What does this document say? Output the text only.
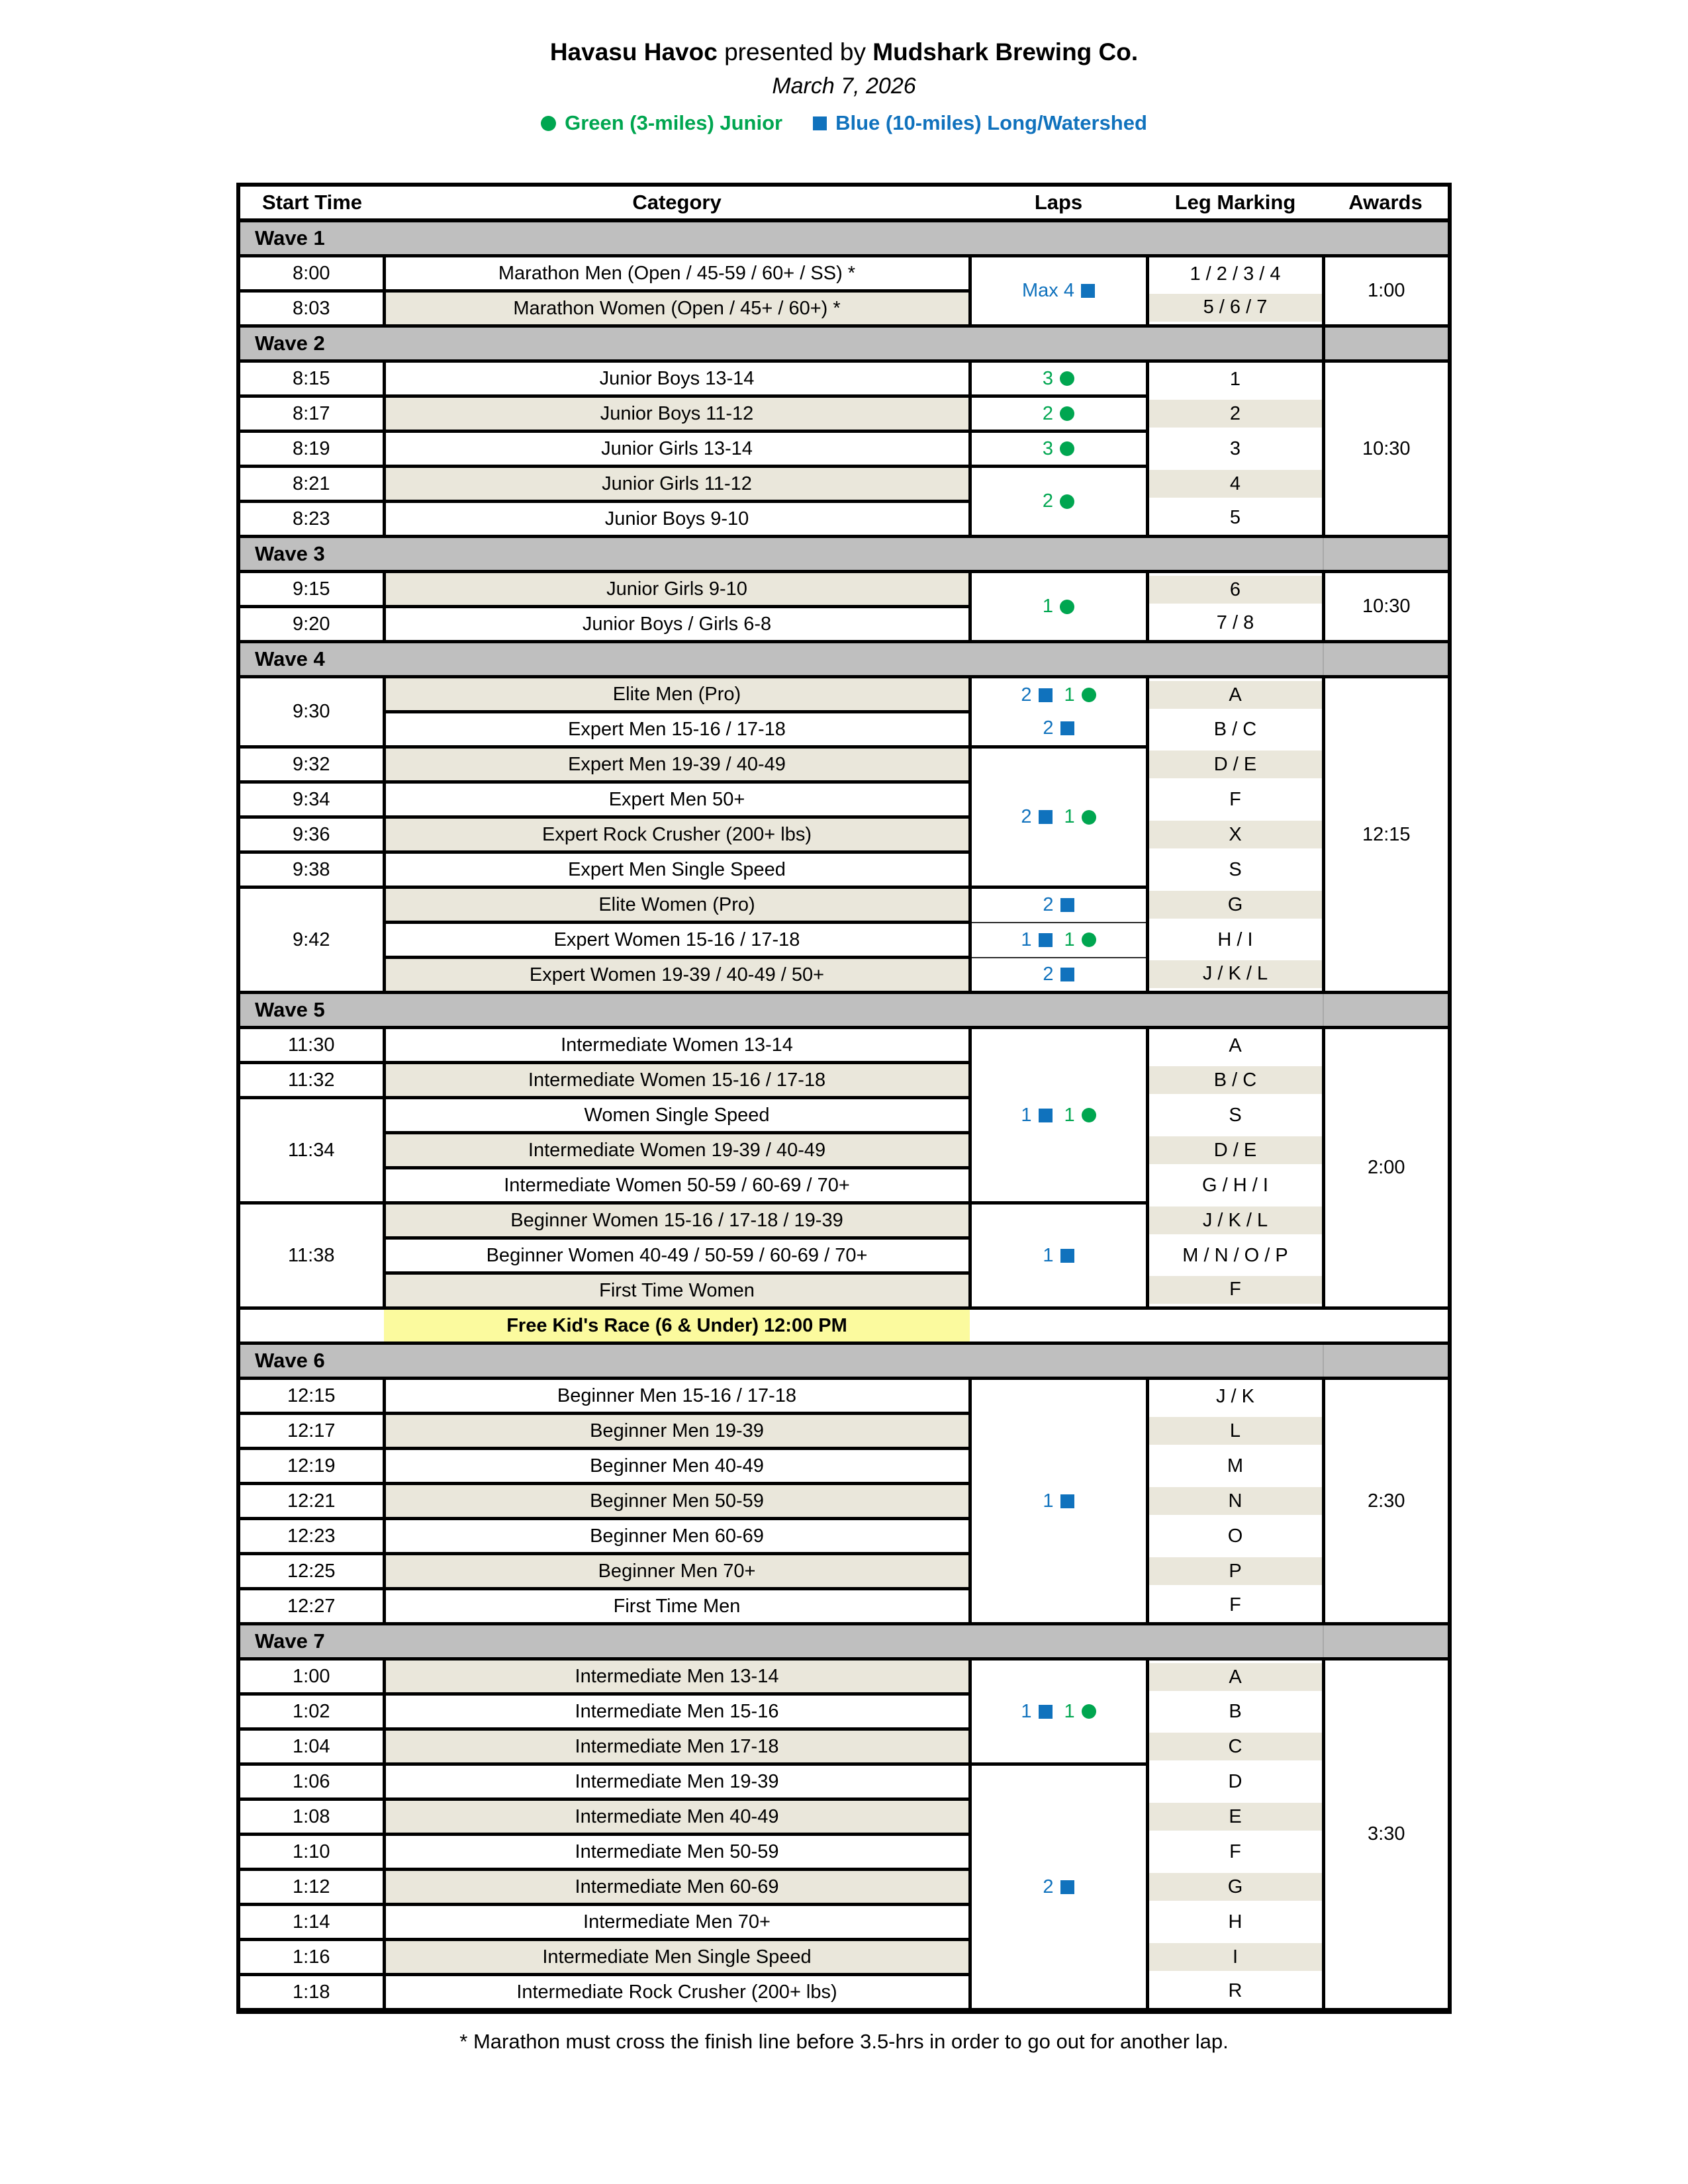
Havasu Havoc presented by Mudshark Brewing Co.
March 7, 2026
Green (3-miles) Junior	Blue (10-miles) Long/Watershed
Start Time	Category	Laps	Leg Marking	Awards
Wave 1				
8:00	Marathon Men (Open / 45-59 / 60+ / SS) *	Max 4	1 / 2 / 3 / 4	1:00
8:03	Marathon Women (Open / 45+ / 60+) *		5 / 6 / 7	

Wave 2				
8:15	Junior Boys 13-14	3	1	10:30
8:17	Junior Boys 11-12	2	2	

8:19	Junior Girls 13-14	3	3	

8:21	Junior Girls 11-12	2	4	

8:23	Junior Boys 9-10		5	

Wave 3				
9:15	Junior Girls 9-10	1	6	10:30
9:20	Junior Boys / Girls 6-8		7 / 8	

Wave 4				
9:30	Elite Men (Pro)	2 1	A	12:15
	Expert Men 15-16 / 17-18	2	B / C	

9:32	Expert Men 19-39 / 40-49	2 1	D / E	

9:34	Expert Men 50+		F	

9:36	Expert Rock Crusher (200+ lbs)		X	

9:38	Expert Men Single Speed		S	

9:42	Elite Women (Pro)	2	G	

	Expert Women 15-16 / 17-18	1 1	H / I	

	Expert Women 19-39 / 40-49 / 50+	2	J / K / L	

Wave 5				
11:30	Intermediate Women 13-14	1 1	A	2:00
11:32	Intermediate Women 15-16 / 17-18		B / C	

11:34	Women Single Speed		S	

	Intermediate Women 19-39 / 40-49		D / E	

	Intermediate Women 50-59 / 60-69 / 70+		G / H / I	

11:38	Beginner Women 15-16 / 17-18 / 19-39	1	J / K / L	

	Beginner Women 40-49 / 50-59 / 60-69 / 70+		M / N / O / P	

	First Time Women		F	

	Free Kid's Race (6 & Under) 12:00 PM			
Wave 6				
12:15	Beginner Men 15-16 / 17-18	1	J / K	2:30
12:17	Beginner Men 19-39		L	

12:19	Beginner Men 40-49		M	

12:21	Beginner Men 50-59		N	

12:23	Beginner Men 60-69		O	

12:25	Beginner Men 70+		P	

12:27	First Time Men		F	

Wave 7				
1:00	Intermediate Men 13-14	1 1	A	3:30
1:02	Intermediate Men 15-16		B	

1:04	Intermediate Men 17-18		C	

1:06	Intermediate Men 19-39	2	D	

1:08	Intermediate Men 40-49		E	

1:10	Intermediate Men 50-59		F	

1:12	Intermediate Men 60-69		G	

1:14	Intermediate Men 70+		H	

1:16	Intermediate Men Single Speed		I	

1:18	Intermediate Rock Crusher (200+ lbs)		R	
* Marathon must cross the finish line before 3.5-hrs in order to go out for another lap.
